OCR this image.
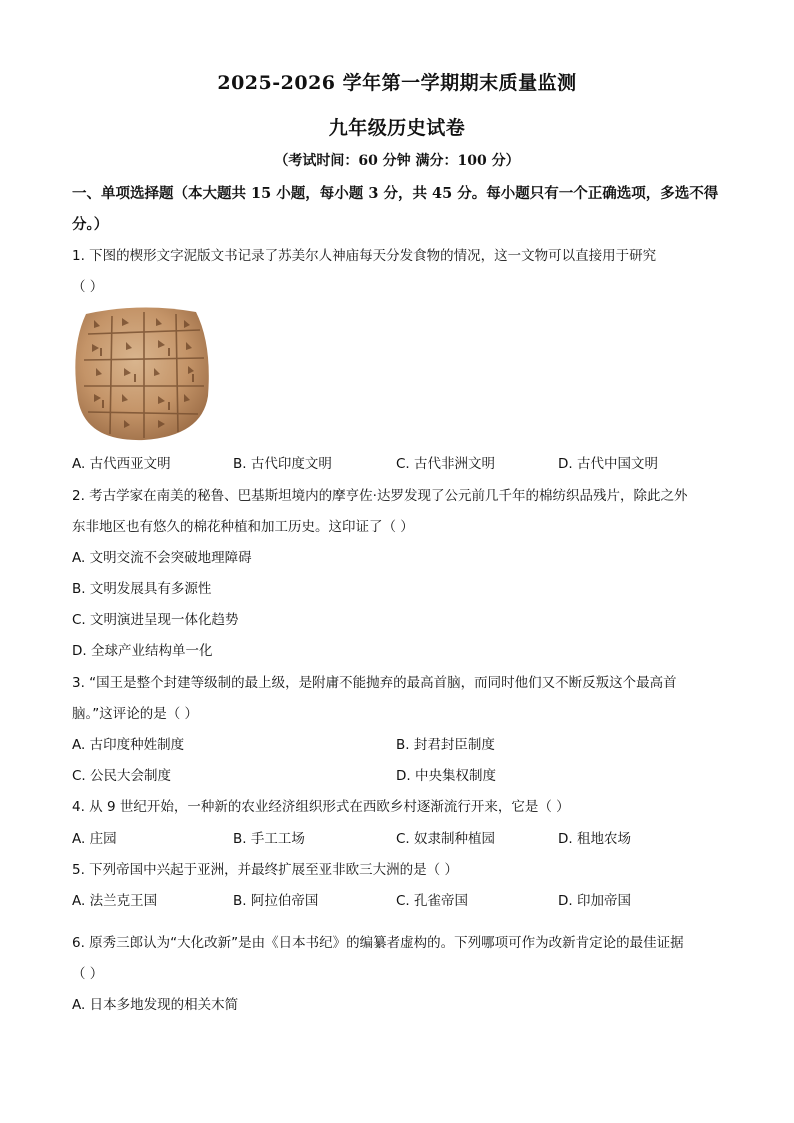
2025-2026 学年第一学期期末质量监测
九年级历史试卷
（考试时间：60 分钟 满分：100 分）
一、单项选择题（本大题共 15 小题，每小题 3 分，共 45 分。每小题只有一个正确选项，多选不得分。）
1. 下图的楔形文字泥版文书记录了苏美尔人神庙每天分发食物的情况，这一文物可以直接用于研究
（ ）
A. 古代西亚文明	B. 古代印度文明	C. 古代非洲文明	D. 古代中国文明
2. 考古学家在南美的秘鲁、巴基斯坦境内的摩亨佐·达罗发现了公元前几千年的棉纺织品残片，除此之外
东非地区也有悠久的棉花种植和加工历史。这印证了（ ）
A. 文明交流不会突破地理障碍
B. 文明发展具有多源性
C. 文明演进呈现一体化趋势
D. 全球产业结构单一化
3. “国王是整个封建等级制的最上级，是附庸不能抛弃的最高首脑，而同时他们又不断反叛这个最高首
脑。”这评论的是（ ）
A. 古印度种姓制度	B. 封君封臣制度
C. 公民大会制度	D. 中央集权制度
4. 从 9 世纪开始，一种新的农业经济组织形式在西欧乡村逐渐流行开来，它是（ ）
A. 庄园	B. 手工工场	C. 奴隶制种植园	D. 租地农场
5. 下列帝国中兴起于亚洲，并最终扩展至亚非欧三大洲的是（ ）
A. 法兰克王国	B. 阿拉伯帝国	C. 孔雀帝国	D. 印加帝国
6. 原秀三郎认为“大化改新”是由《日本书纪》的编纂者虚构的。下列哪项可作为改新肯定论的最佳证据
（ ）
A. 日本多地发现的相关木简
